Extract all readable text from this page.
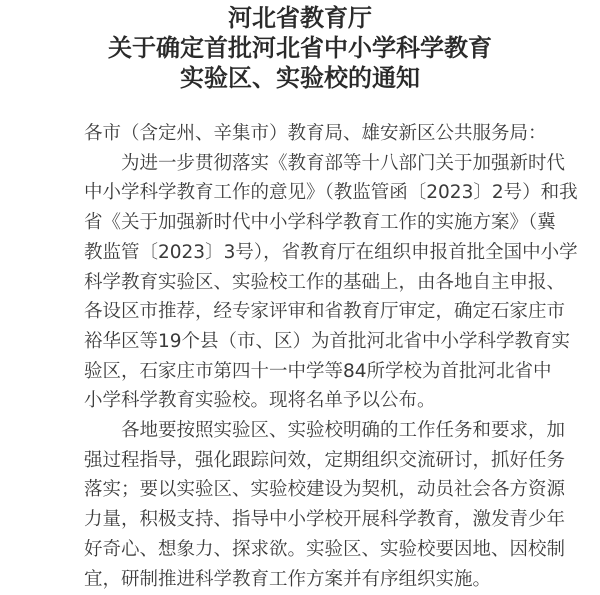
河北省教育厅
关于确定首批河北省中小学科学教育
实验区、实验校的通知
各市（含定州、辛集市）教育局、雄安新区公共服务局：
　　为进一步贯彻落实《教育部等十八部门关于加强新时代
中小学科学教育工作的意见》（教监管函〔2023〕2号）和我
省《关于加强新时代中小学科学教育工作的实施方案》（冀
教监管〔2023〕3号），省教育厅在组织申报首批全国中小学
科学教育实验区、实验校工作的基础上，由各地自主申报、
各设区市推荐，经专家评审和省教育厅审定，确定石家庄市
裕华区等19个县（市、区）为首批河北省中小学科学教育实
验区，石家庄市第四十一中学等84所学校为首批河北省中
小学科学教育实验校。现将名单予以公布。
　　各地要按照实验区、实验校明确的工作任务和要求，加
强过程指导，强化跟踪问效，定期组织交流研讨，抓好任务
落实；要以实验区、实验校建设为契机，动员社会各方资源
力量，积极支持、指导中小学校开展科学教育，激发青少年
好奇心、想象力、探求欲。实验区、实验校要因地、因校制
宜，研制推进科学教育工作方案并有序组织实施。
